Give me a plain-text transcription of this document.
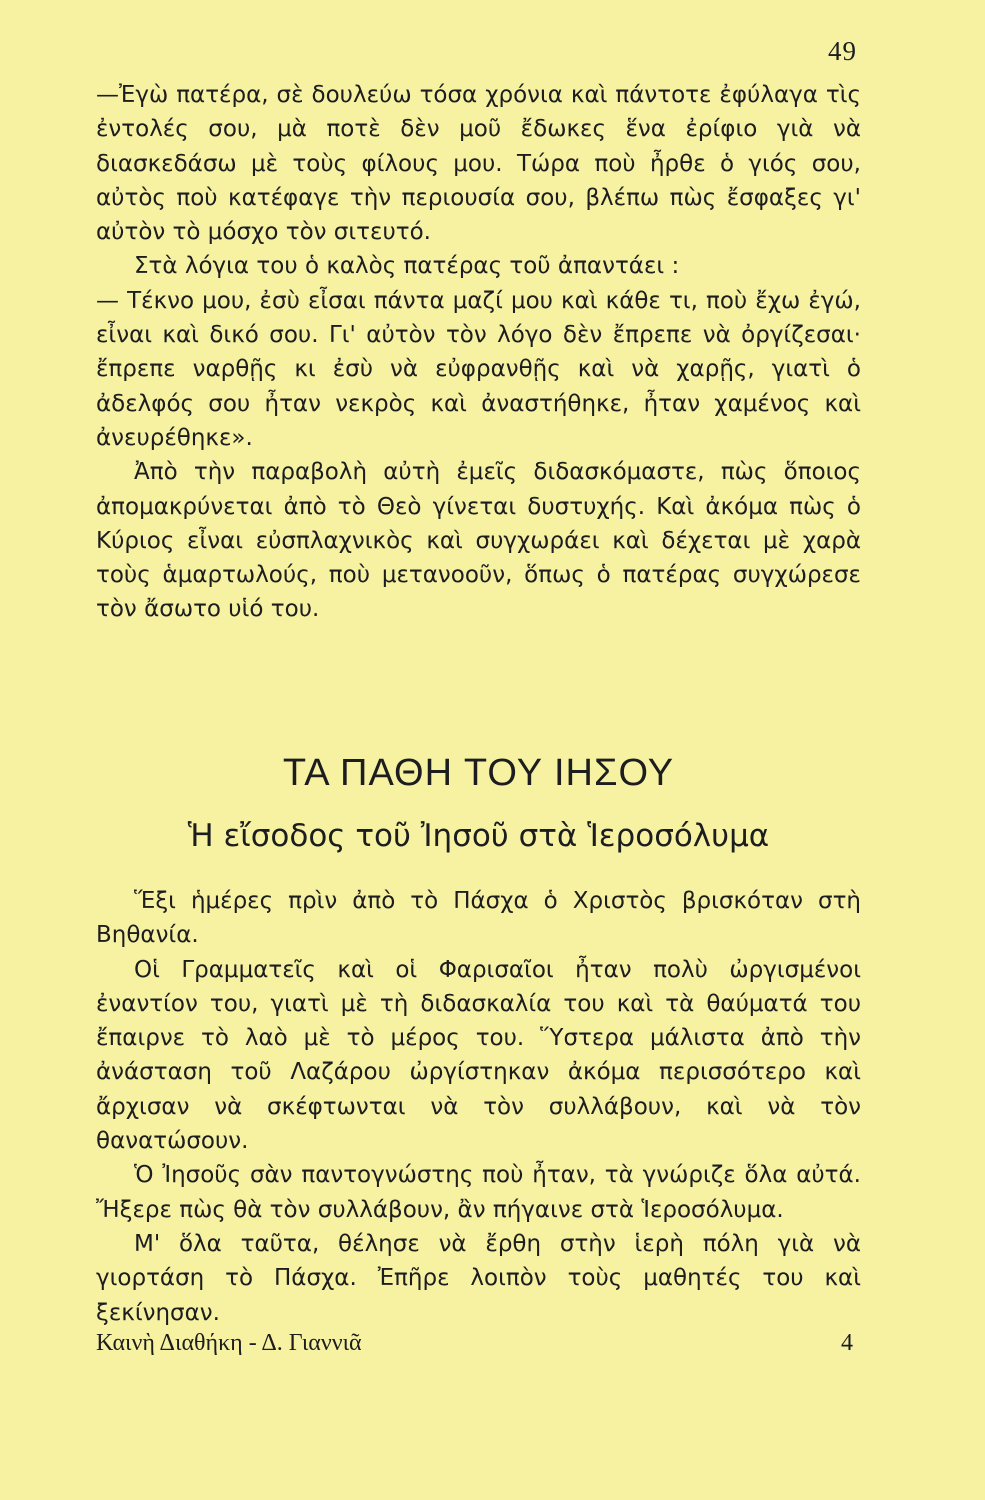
49

—Ἐγὼ πατέρα, σὲ δουλεύω τόσα χρόνια καὶ πάντοτε ἐφύλαγα τὶς ἐντολές σου, μὰ ποτὲ δὲν μοῦ ἔδωκες ἕνα ἐρίφιο γιὰ νὰ διασκεδάσω μὲ τοὺς φίλους μου. Τώρα ποὺ ἦρθε ὁ γιός σου, αὐτὸς ποὺ κατέφαγε τὴν περιουσία σου, βλέπω πὼς ἔσφαξες γι' αὐτὸν τὸ μόσχο τὸν σιτευτό.

Στὰ λόγια του ὁ καλὸς πατέρας τοῦ ἀπαντάει :

— Τέκνο μου, ἐσὺ εἶσαι πάντα μαζί μου καὶ κάθε τι, ποὺ ἔχω ἐγώ, εἶναι καὶ δικό σου. Γι' αὐτὸν τὸν λόγο δὲν ἔπρεπε νὰ ὀργίζεσαι· ἔπρεπε ναρθῇς κι ἐσὺ νὰ εὐφρανθῇς καὶ νὰ χαρῇς, γιατὶ ὁ ἀδελφός σου ἦταν νεκρὸς καὶ ἀναστήθηκε, ἦταν χαμένος καὶ ἀνευρέθηκε».

Ἀπὸ τὴν παραβολὴ αὐτὴ ἐμεῖς διδασκόμαστε, πὼς ὅποιος ἀπομακρύνεται ἀπὸ τὸ Θεὸ γίνεται δυστυχής. Καὶ ἀκόμα πὼς ὁ Κύριος εἶναι εὐσπλαχνικὸς καὶ συγχωράει καὶ δέχεται μὲ χαρὰ τοὺς ἁμαρτωλούς, ποὺ μετανοοῦν, ὅπως ὁ πατέρας συγχώρεσε τὸν ἄσωτο υἱό του.

ΤΑ ΠΑΘΗ ΤΟΥ ΙΗΣΟΥ
Ἡ εἴσοδος τοῦ Ἰησοῦ στὰ Ἱεροσόλυμα

Ἕξι ἡμέρες πρὶν ἀπὸ τὸ Πάσχα ὁ Χριστὸς βρισκόταν στὴ Βηθανία.

Οἱ Γραμματεῖς καὶ οἱ Φαρισαῖοι ἦταν πολὺ ὠργισμένοι ἐναντίον του, γιατὶ μὲ τὴ διδασκαλία του καὶ τὰ θαύματά του ἔπαιρνε τὸ λαὸ μὲ τὸ μέρος του. Ὕστερα μάλιστα ἀπὸ τὴν ἀνάσταση τοῦ Λαζάρου ὠργίστηκαν ἀκόμα περισσότερο καὶ ἄρχισαν νὰ σκέφτωνται νὰ τὸν συλλάβουν, καὶ νὰ τὸν θανατώσουν.

Ὁ Ἰησοῦς σὰν παντογνώστης ποὺ ἦταν, τὰ γνώριζε ὅλα αὐτά. Ἤξερε πὼς θὰ τὸν συλλάβουν, ἂν πήγαινε στὰ Ἱεροσόλυμα.

Μ' ὅλα ταῦτα, θέλησε νὰ ἔρθη στὴν ἱερὴ πόλη γιὰ νὰ γιορτάση τὸ Πάσχα. Ἐπῆρε λοιπὸν τοὺς μαθητές του καὶ ξεκίνησαν.

Καινὴ Διαθήκη - Δ. Γιαννιᾶ	4
